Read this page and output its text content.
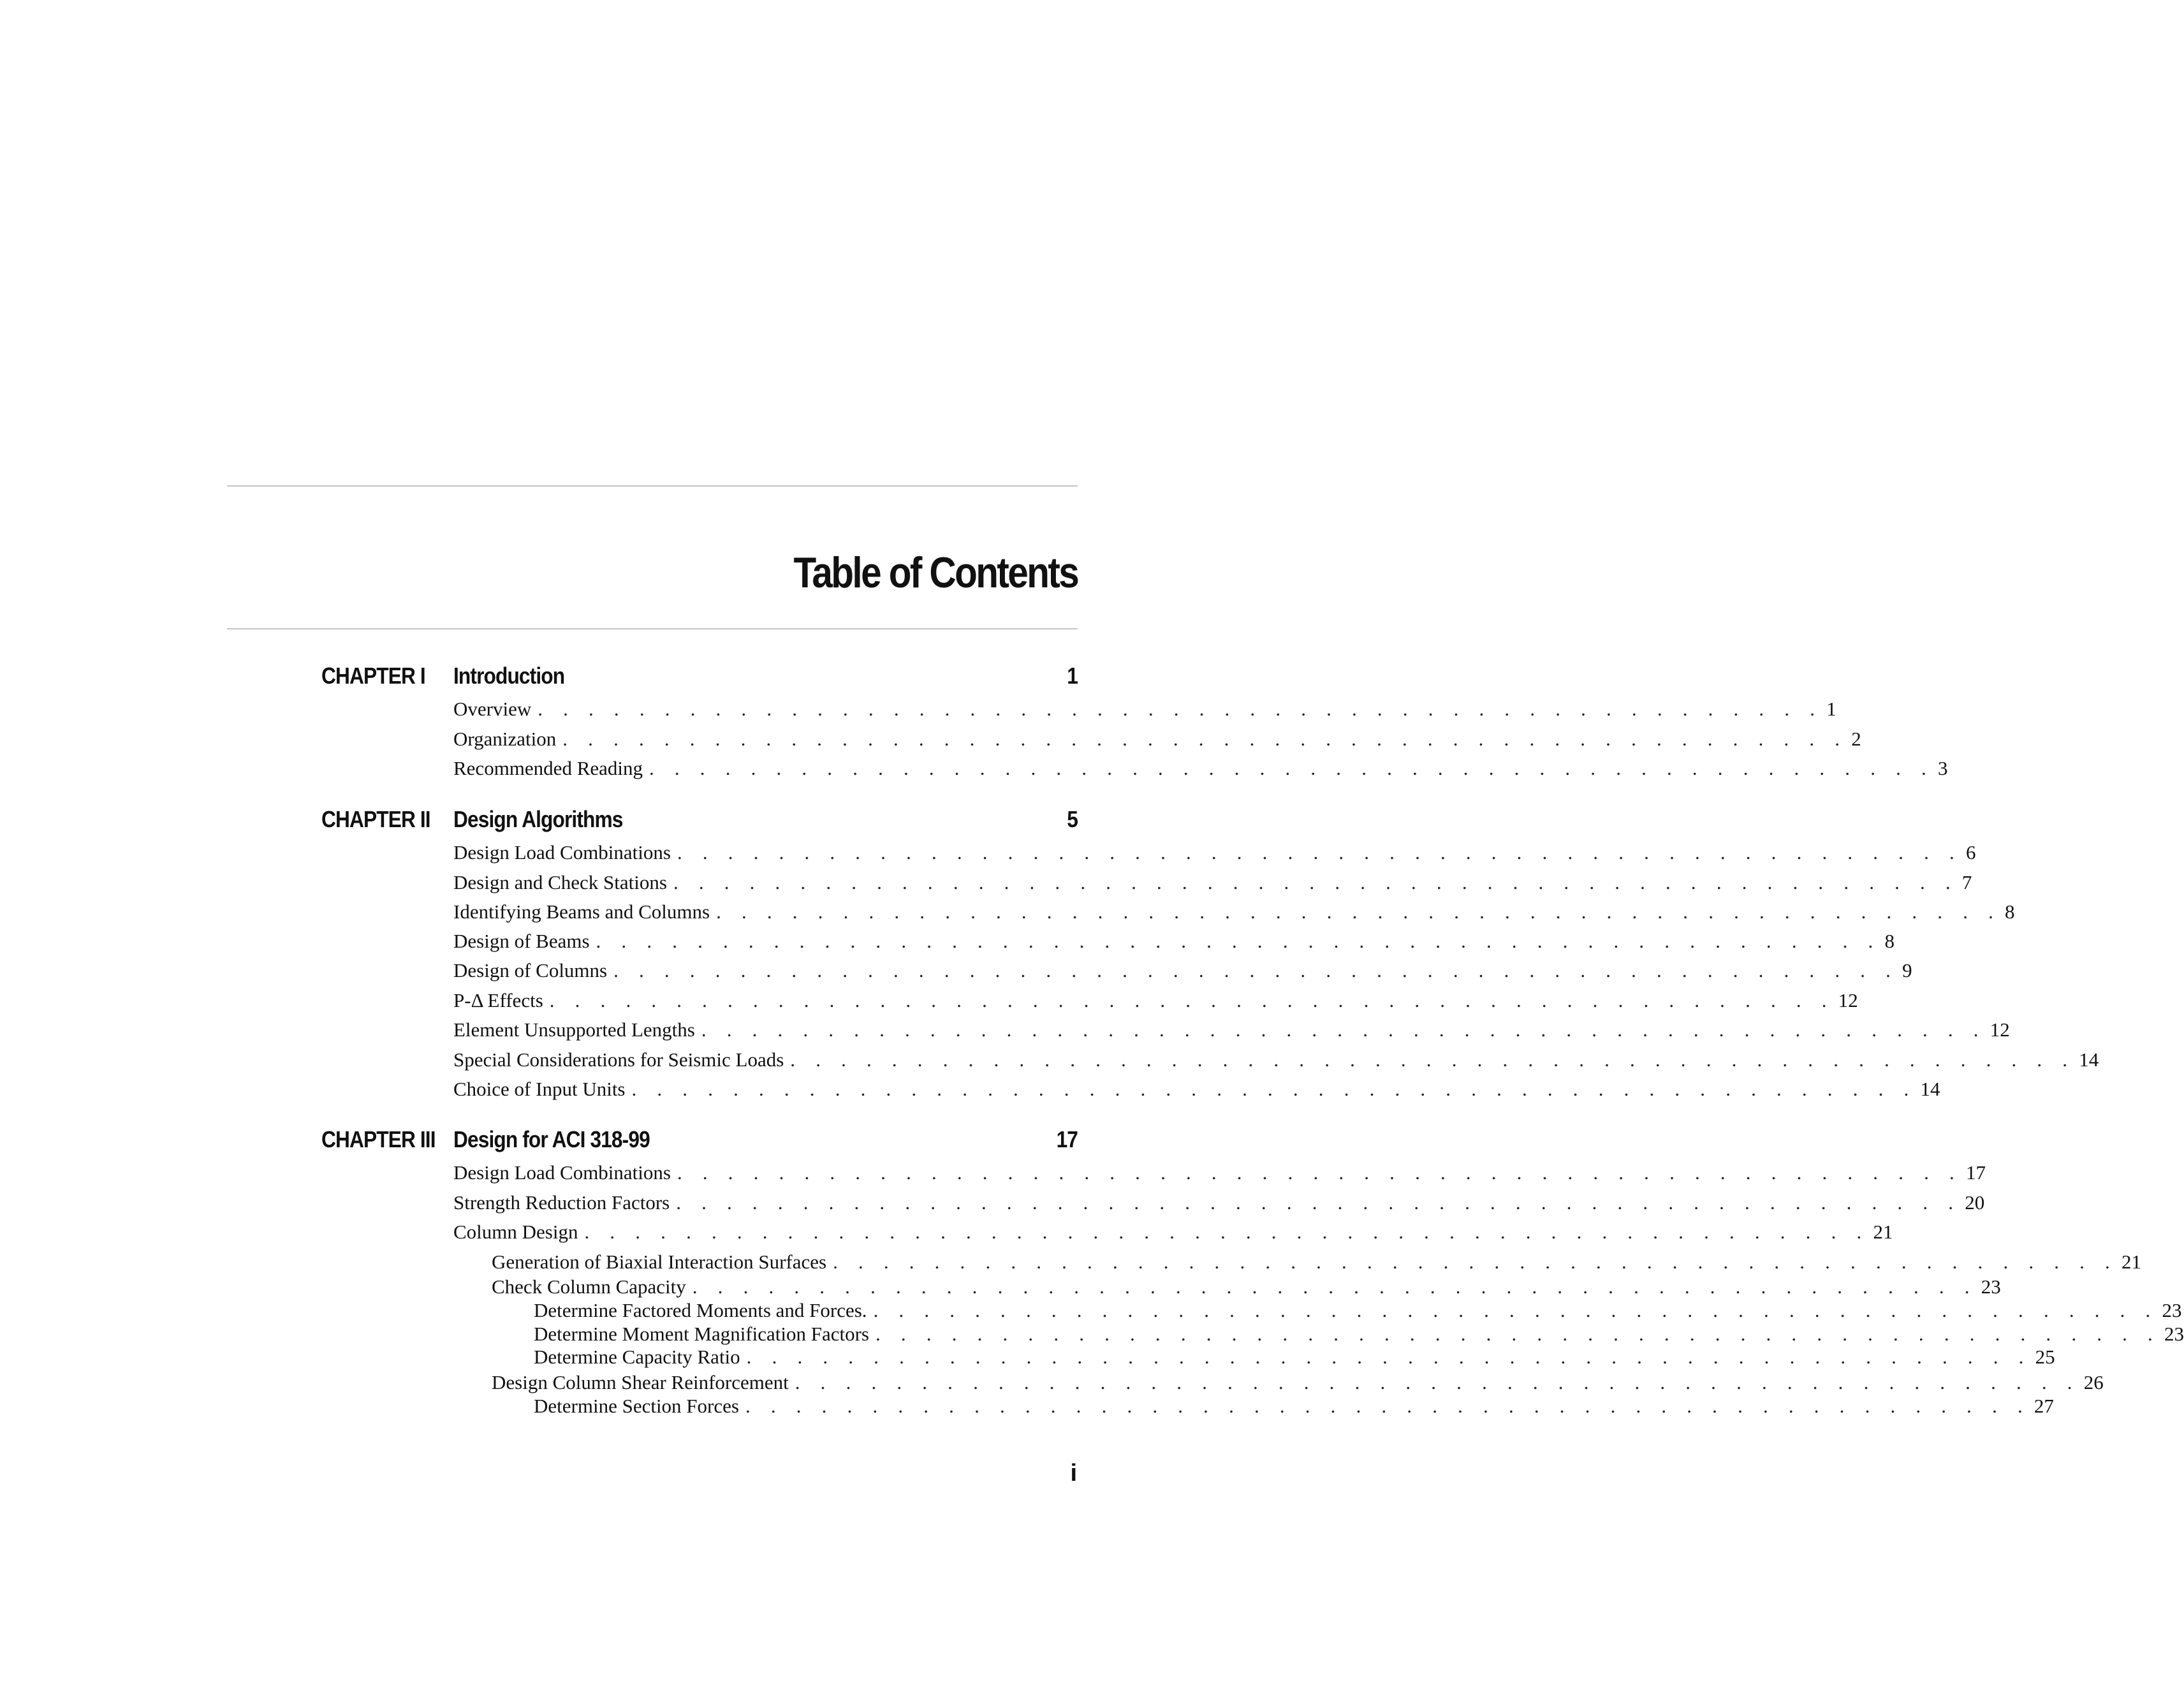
Table of Contents
CHAPTER I Introduction	1
Overview . . . . . . . . . . . . . . . . . . . . . . . . . . . . . . . . . . . . . . . . . . . . . . . . . . . 1
Organization . . . . . . . . . . . . . . . . . . . . . . . . . . . . . . . . . . . . . . . . . . . . . . . . . . . 2
Recommended Reading . . . . . . . . . . . . . . . . . . . . . . . . . . . . . . . . . . . . . . . . . . . . . . . . . . . 3
CHAPTER II Design Algorithms	5
Design Load Combinations . . . . . . . . . . . . . . . . . . . . . . . . . . . . . . . . . . . . . . . . . . . . . . . . . . . 6
Design and Check Stations . . . . . . . . . . . . . . . . . . . . . . . . . . . . . . . . . . . . . . . . . . . . . . . . . . . 7
Identifying Beams and Columns . . . . . . . . . . . . . . . . . . . . . . . . . . . . . . . . . . . . . . . . . . . . . . . . . . . 8
Design of Beams . . . . . . . . . . . . . . . . . . . . . . . . . . . . . . . . . . . . . . . . . . . . . . . . . . . 8
Design of Columns . . . . . . . . . . . . . . . . . . . . . . . . . . . . . . . . . . . . . . . . . . . . . . . . . . . 9
P-Δ Effects . . . . . . . . . . . . . . . . . . . . . . . . . . . . . . . . . . . . . . . . . . . . . . . . . . . 12
Element Unsupported Lengths . . . . . . . . . . . . . . . . . . . . . . . . . . . . . . . . . . . . . . . . . . . . . . . . . . . 12
Special Considerations for Seismic Loads . . . . . . . . . . . . . . . . . . . . . . . . . . . . . . . . . . . . . . . . . . . . . . . . . . . 14
Choice of Input Units . . . . . . . . . . . . . . . . . . . . . . . . . . . . . . . . . . . . . . . . . . . . . . . . . . . 14
CHAPTER III Design for ACI 318-99	17
Design Load Combinations . . . . . . . . . . . . . . . . . . . . . . . . . . . . . . . . . . . . . . . . . . . . . . . . . . . 17
Strength Reduction Factors . . . . . . . . . . . . . . . . . . . . . . . . . . . . . . . . . . . . . . . . . . . . . . . . . . . 20
Column Design . . . . . . . . . . . . . . . . . . . . . . . . . . . . . . . . . . . . . . . . . . . . . . . . . . . 21
Generation of Biaxial Interaction Surfaces . . . . . . . . . . . . . . . . . . . . . . . . . . . . . . . . . . . . . . . . . . . . . . . . . . . 21
Check Column Capacity . . . . . . . . . . . . . . . . . . . . . . . . . . . . . . . . . . . . . . . . . . . . . . . . . . . 23
Determine Factored Moments and Forces. . . . . . . . . . . . . . . . . . . . . . . . . . . . . . . . . . . . . . . . . . . . . . . . . . . . 23
Determine Moment Magnification Factors . . . . . . . . . . . . . . . . . . . . . . . . . . . . . . . . . . . . . . . . . . . . . . . . . . . 23
Determine Capacity Ratio . . . . . . . . . . . . . . . . . . . . . . . . . . . . . . . . . . . . . . . . . . . . . . . . . . . 25
Design Column Shear Reinforcement . . . . . . . . . . . . . . . . . . . . . . . . . . . . . . . . . . . . . . . . . . . . . . . . . . . 26
Determine Section Forces . . . . . . . . . . . . . . . . . . . . . . . . . . . . . . . . . . . . . . . . . . . . . . . . . . . 27
i
